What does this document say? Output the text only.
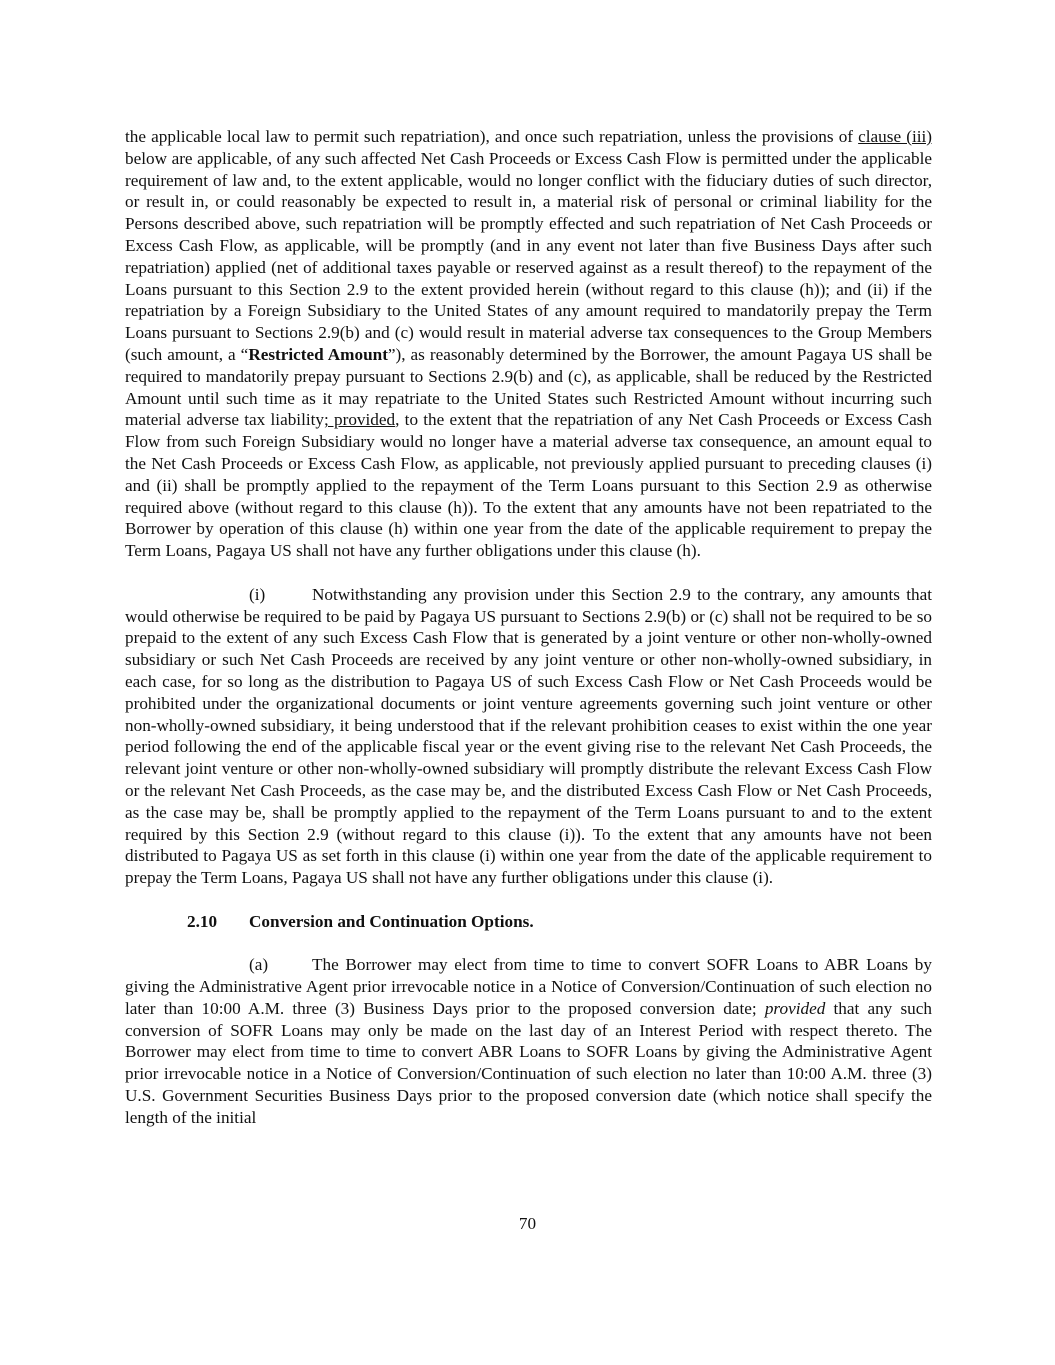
the applicable local law to permit such repatriation), and once such repatriation, unless the provisions of clause (iii) below are applicable, of any such affected Net Cash Proceeds or Excess Cash Flow is permitted under the applicable requirement of law and, to the extent applicable, would no longer conflict with the fiduciary duties of such director, or result in, or could reasonably be expected to result in, a material risk of personal or criminal liability for the Persons described above, such repatriation will be promptly effected and such repatriation of Net Cash Proceeds or Excess Cash Flow, as applicable, will be promptly (and in any event not later than five Business Days after such repatriation) applied (net of additional taxes payable or reserved against as a result thereof) to the repayment of the Loans pursuant to this Section 2.9 to the extent provided herein (without regard to this clause (h)); and (ii) if the repatriation by a Foreign Subsidiary to the United States of any amount required to mandatorily prepay the Term Loans pursuant to Sections 2.9(b) and (c) would result in material adverse tax consequences to the Group Members (such amount, a “Restricted Amount”), as reasonably determined by the Borrower, the amount Pagaya US shall be required to mandatorily prepay pursuant to Sections 2.9(b) and (c), as applicable, shall be reduced by the Restricted Amount until such time as it may repatriate to the United States such Restricted Amount without incurring such material adverse tax liability; provided, to the extent that the repatriation of any Net Cash Proceeds or Excess Cash Flow from such Foreign Subsidiary would no longer have a material adverse tax consequence, an amount equal to the Net Cash Proceeds or Excess Cash Flow, as applicable, not previously applied pursuant to preceding clauses (i) and (ii) shall be promptly applied to the repayment of the Term Loans pursuant to this Section 2.9 as otherwise required above (without regard to this clause (h)). To the extent that any amounts have not been repatriated to the Borrower by operation of this clause (h) within one year from the date of the applicable requirement to prepay the Term Loans, Pagaya US shall not have any further obligations under this clause (h).

(i)	Notwithstanding any provision under this Section 2.9 to the contrary, any amounts that would otherwise be required to be paid by Pagaya US pursuant to Sections 2.9(b) or (c) shall not be required to be so prepaid to the extent of any such Excess Cash Flow that is generated by a joint venture or other non-wholly-owned subsidiary or such Net Cash Proceeds are received by any joint venture or other non-wholly-owned subsidiary, in each case, for so long as the distribution to Pagaya US of such Excess Cash Flow or Net Cash Proceeds would be prohibited under the organizational documents or joint venture agreements governing such joint venture or other non-wholly-owned subsidiary, it being understood that if the relevant prohibition ceases to exist within the one year period following the end of the applicable fiscal year or the event giving rise to the relevant Net Cash Proceeds, the relevant joint venture or other non-wholly-owned subsidiary will promptly distribute the relevant Excess Cash Flow or the relevant Net Cash Proceeds, as the case may be, and the distributed Excess Cash Flow or Net Cash Proceeds, as the case may be, shall be promptly applied to the repayment of the Term Loans pursuant to and to the extent required by this Section 2.9 (without regard to this clause (i)). To the extent that any amounts have not been distributed to Pagaya US as set forth in this clause (i) within one year from the date of the applicable requirement to prepay the Term Loans, Pagaya US shall not have any further obligations under this clause (i).

2.10 Conversion and Continuation Options.

(a)	The Borrower may elect from time to time to convert SOFR Loans to ABR Loans by giving the Administrative Agent prior irrevocable notice in a Notice of Conversion/Continuation of such election no later than 10:00 A.M. three (3) Business Days prior to the proposed conversion date; provided that any such conversion of SOFR Loans may only be made on the last day of an Interest Period with respect thereto. The Borrower may elect from time to time to convert ABR Loans to SOFR Loans by giving the Administrative Agent prior irrevocable notice in a Notice of Conversion/Continuation of such election no later than 10:00 A.M. three (3) U.S. Government Securities Business Days prior to the proposed conversion date (which notice shall specify the length of the initial

70
